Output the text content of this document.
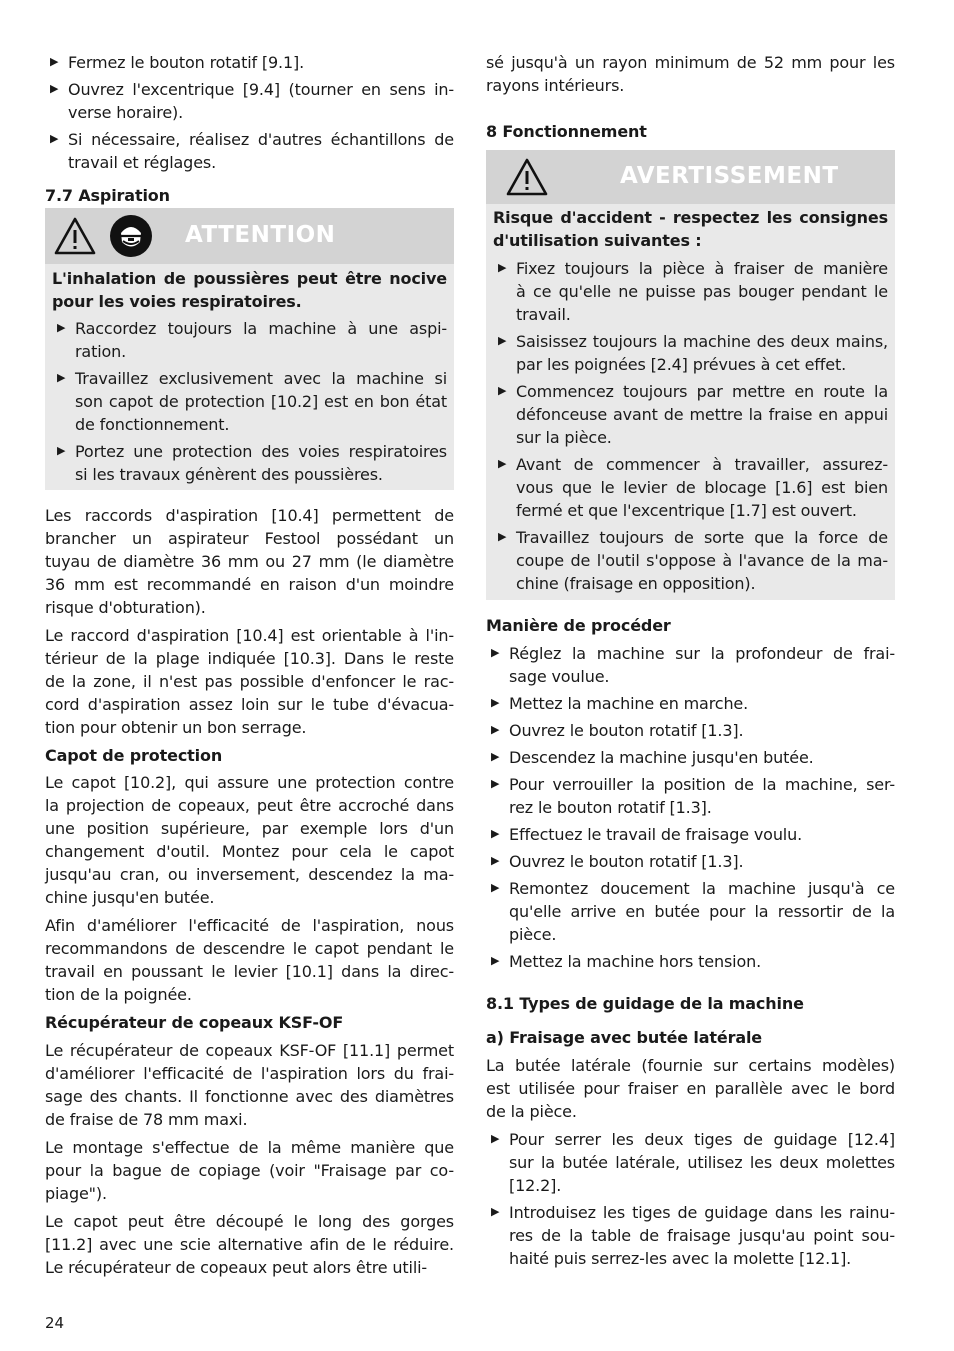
ATTENTION
▶ Fermez le bouton rotatif [9.1].
▶ Ouvrez l'excentrique [9.4] (tourner en sens in-
verse horaire).
▶ Si nécessaire, réalisez d'autres échantillons de
travail et réglages.
7.7 Aspiration
L'inhalation de poussières peut être nocive
pour les voies respiratoires.
▶ Raccordez toujours la machine à une aspi-
ration.
▶ Travaillez exclusivement avec la machine si
son capot de protection [10.2] est en bon état
de fonctionnement.
▶ Portez une protection des voies respiratoires
si les travaux génèrent des poussières.
Les raccords d'aspiration [10.4] permettent de
brancher un aspirateur Festool possédant un
tuyau de diamètre 36 mm ou 27 mm (le diamètre
36 mm est recommandé en raison d'un moindre
risque d'obturation).
Le raccord d'aspiration [10.4] est orientable à l'in-
térieur de la plage indiquée [10.3]. Dans le reste
de la zone, il n'est pas possible d'enfoncer le rac-
cord d'aspiration assez loin sur le tube d'évacua-
tion pour obtenir un bon serrage.
Capot de protection
Le capot [10.2], qui assure une protection contre
la projection de copeaux, peut être accroché dans
une position supérieure, par exemple lors d'un
changement d'outil. Montez pour cela le capot
jusqu'au cran, ou inversement, descendez la ma-
chine jusqu'en butée.
Afin d'améliorer l'efficacité de l'aspiration, nous
recommandons de descendre le capot pendant le
travail en poussant le levier [10.1] dans la direc-
tion de la poignée.
Récupérateur de copeaux KSF-OF
Le récupérateur de copeaux KSF-OF [11.1] permet
d'améliorer l'efficacité de l'aspiration lors du frai-
sage des chants. Il fonctionne avec des diamètres
de fraise de 78 mm maxi.
Le montage s'effectue de la même manière que
pour la bague de copiage (voir "Fraisage par co-
piage").
Le capot peut être découpé le long des gorges
[11.2] avec une scie alternative afin de le réduire.
Le récupérateur de copeaux peut alors être utili-
AVERTISSEMENT
sé jusqu'à un rayon minimum de 52 mm pour les
rayons intérieurs.
8 Fonctionnement
Risque d'accident - respectez les consignes
d'utilisation suivantes :
▶ Fixez toujours la pièce à fraiser de manière
à ce qu'elle ne puisse pas bouger pendant le
travail.
▶ Saisissez toujours la machine des deux mains,
par les poignées [2.4] prévues à cet effet.
▶ Commencez toujours par mettre en route la
défonceuse avant de mettre la fraise en appui
sur la pièce.
▶ Avant de commencer à travailler, assurez-
vous que le levier de blocage [1.6] est bien
fermé et que l'excentrique [1.7] est ouvert.
▶ Travaillez toujours de sorte que la force de
coupe de l'outil s'oppose à l'avance de la ma-
chine (fraisage en opposition).
Manière de procéder
▶ Réglez la machine sur la profondeur de frai-
sage voulue.
▶ Mettez la machine en marche.
▶ Ouvrez le bouton rotatif [1.3].
▶ Descendez la machine jusqu'en butée.
▶ Pour verrouiller la position de la machine, ser-
rez le bouton rotatif [1.3].
▶ Effectuez le travail de fraisage voulu.
▶ Ouvrez le bouton rotatif [1.3].
▶ Remontez doucement la machine jusqu'à ce
qu'elle arrive en butée pour la ressortir de la
pièce.
▶ Mettez la machine hors tension.
8.1 Types de guidage de la machine
a) Fraisage avec butée latérale
La butée latérale (fournie sur certains modèles)
est utilisée pour fraiser en parallèle avec le bord
de la pièce.
▶ Pour serrer les deux tiges de guidage [12.4]
sur la butée latérale, utilisez les deux molettes
[12.2].
▶ Introduisez les tiges de guidage dans les rainu-
res de la table de fraisage jusqu'au point sou-
haité puis serrez-les avec la molette [12.1].
24
